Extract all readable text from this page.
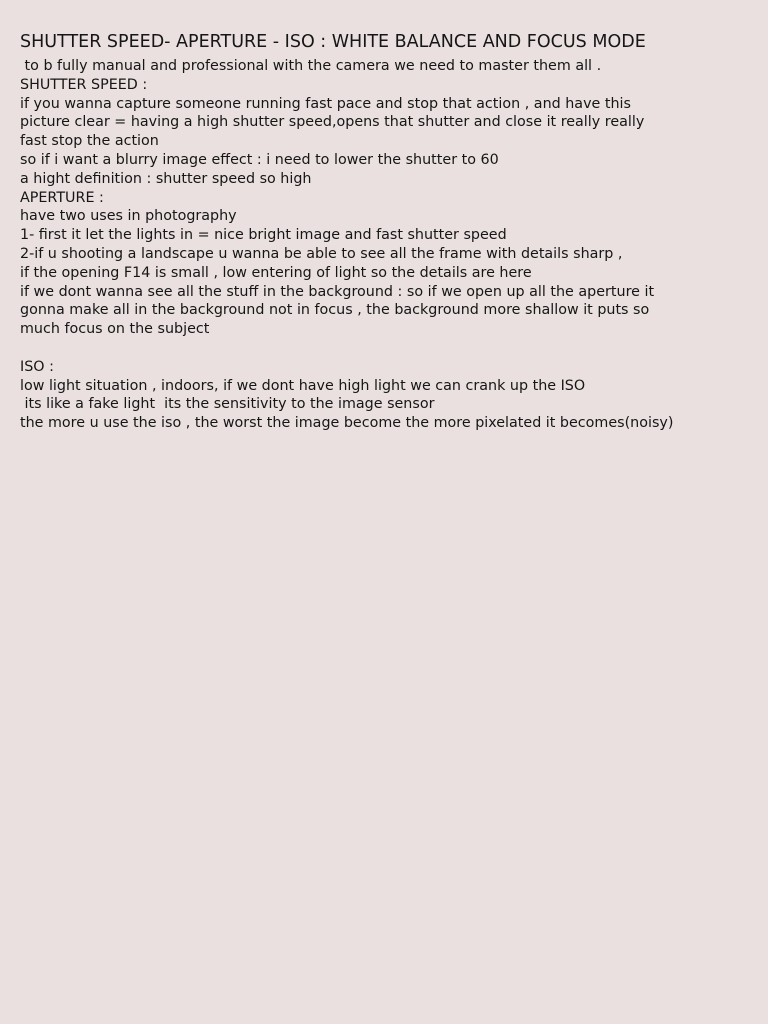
SHUTTER SPEED- APERTURE - ISO : WHITE BALANCE AND FOCUS MODE
to b fully manual and professional with the camera we need to master them all .
SHUTTER SPEED :
if you wanna capture someone running fast pace and stop that action , and have this
picture clear = having a high shutter speed,opens that shutter and close it really really
fast stop the action
so if i want a blurry image effect : i need to lower the shutter to 60
a hight definition : shutter speed so high
APERTURE :
have two uses in photography
1- first it let the lights in = nice bright image and fast shutter speed
2-if u shooting a landscape u wanna be able to see all the frame with details sharp ,
if the opening F14 is small , low entering of light so the details are here
if we dont wanna see all the stuff in the background : so if we open up all the aperture it
gonna make all in the background not in focus , the background more shallow it puts so
much focus on the subject
ISO :
low light situation , indoors, if we dont have high light we can crank up the ISO
its like a fake light  its the sensitivity to the image sensor
the more u use the iso , the worst the image become the more pixelated it becomes(noisy)
